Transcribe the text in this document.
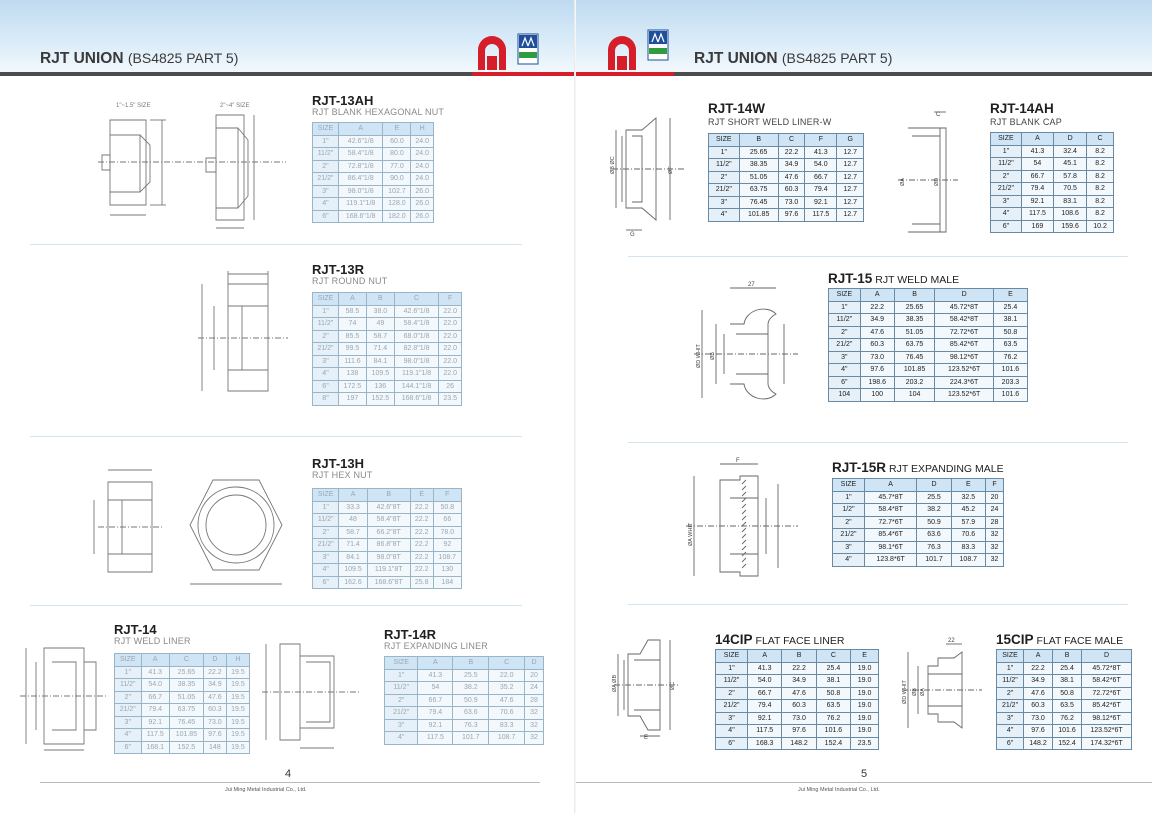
RJT UNION (BS4825 PART 5)
1"~1.5" SIZE	2"~4" SIZE	RJT-13AH
RJT BLANK HEXAGONAL NUT
SIZE	A	E	H
1"	42.6"1/8	60.0	24.0
11/2"	58.4"1/8	80.0	24.0
2"	72.8"1/8	77.0	24.0
21/2"	86.4"1/8	90.0	24.0
3"	98.0"1/8	102.7	26.0
4"	119.1"1/8	128.0	26.0
6"	168.6"1/8	182.0	26.0
RJT-13R
RJT ROUND NUT
SIZE	A	B	C	F
1"	58.5	38.0	42.6"1/8	22.0
11/2"	74	49	58.4"1/8	22.0
2"	85.5	58.7	68.0"1/8	22.0
21/2"	99.5	71.4	82.8"1/8	22.0
3"	111.6	84.1	98.0"1/8	22.0
4"	138	109.5	119.1"1/8	22.0
6"	172.5	136	144.1"1/8	26
8"	197	152.5	168.6"1/8	23.5
RJT-13H
RJT HEX NUT
SIZE	A	B	E	F
1"	33.3	42.6"8T	22.2	50.8
11/2"	48	58.4"8T	22.2	66
2"	58.7	66.2"8T	22.2	78.0
21/2"	71.4	86.8"8T	22.2	92
3"	84.1	98.0"8T	22.2	108.7
4"	109.5	119.1"8T	22.2	130
6"	162.6	168.6"8T	25.8	184
RJT-14
RJT WELD LINER
SIZE	A	C	D	H
1"	41.3	25.65	22.2	19.5
11/2"	54.0	38.35	34.9	19.5
2"	66.7	51.05	47.6	19.5
21/2"	79.4	63.75	60.3	19.5
3"	92.1	76.45	73.0	19.5
4"	117.5	101.85	97.6	19.5
6"	168.1	152.5	148	19.5
RJT-14R
RJT EXPANDING LINER
SIZE	A	B	C	D
1"	41.3	25.5	22.0	20
11/2"	54	38.2	35.2	24
2"	66.7	50.9	47.6	28
21/2"	79.4	63.6	70.6	32
3"	92.1	76.3	83.3	32
4"	117.5	101.7	108.7	32
4
Jui Ming Metal Industrial Co., Ltd.
RJT UNION (BS4825 PART 5)
ØB ØC	ØF
G
RJT-14W
RJT SHORT WELD LINER-W
SIZE	B	C	F	G
1"	25.65	22.2	41.3	12.7
11/2"	38.35	34.9	54.0	12.7
2"	51.05	47.6	66.7	12.7
21/2"	63.75	60.3	79.4	12.7
3"	76.45	73.0	92.1	12.7
4"	101.85	97.6	117.5	12.7
C
ØA	ØD
RJT-14AH
RJT BLANK CAP
SIZE	A	D	C
1"	41.3	32.4	8.2
11/2"	54	45.1	8.2
2"	66.7	57.8	8.2
21/2"	79.4	70.5	8.2
3"	92.1	83.1	8.2
4"	117.5	108.6	8.2
6"	169	159.6	10.2
27
ØD WHIT ØB
RJT-15 RJT WELD MALE
SIZE	A	B	D	E
1"	22.2	25.65	45.72*8T	25.4
11/2"	34.9	38.35	58.42*8T	38.1
2"	47.6	51.05	72.72*6T	50.8
21/2"	60.3	63.75	85.42*6T	63.5
3"	73.0	76.45	98.12*6T	76.2
4"	97.6	101.85	123.52*6T	101.6
6"	198.6	203.2	224.3*6T	203.3
104	100	104	123.52*6T	101.6
F
ØA WHIT
RJT-15R RJT EXPANDING MALE
SIZE	A	D	E	F
1"	45.7*8T	25.5	32.5	20
1/2"	58.4*8T	38.2	45.2	24
2"	72.7*6T	50.9	57.9	28
21/2"	85.4*6T	63.6	70.6	32
3"	98.1*6T	76.3	83.3	32
4"	123.8*6T	101.7	108.7	32
ØA ØB	ØC
E
14CIP FLAT FACE LINER
SIZE	A	B	C	E
1"	41.3	22.2	25.4	19.0
11/2"	54.0	34.9	38.1	19.0
2"	66.7	47.6	50.8	19.0
21/2"	79.4	60.3	63.5	19.0
3"	92.1	73.0	76.2	19.0
4"	117.5	97.6	101.6	19.0
6"	168.3	148.2	152.4	23.5
22
ØD WHIT ØB ØA
15CIP FLAT FACE MALE
SIZE	A	B	D
1"	22.2	25.4	45.72*8T
11/2"	34.9	38.1	58.42*6T
2"	47.6	50.8	72.72*6T
21/2"	60.3	63.5	85.42*6T
3"	73.0	76.2	98.12*6T
4"	97.6	101.6	123.52*6T
6"	148.2	152.4	174.32*6T
5
Jui Ming Metal Industrial Co., Ltd.
